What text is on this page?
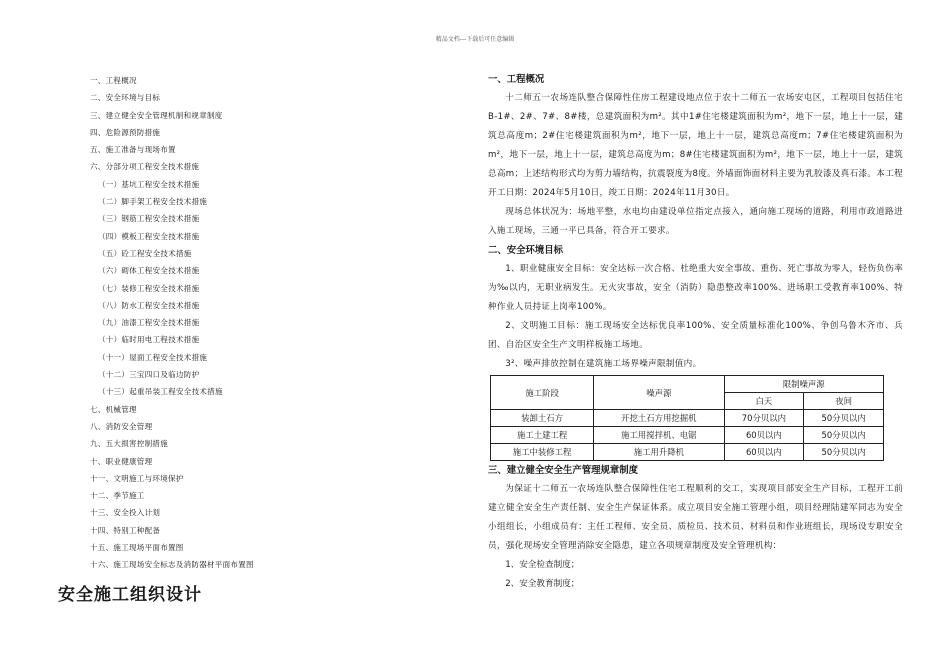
精品文档---下载后可任意编辑
一、工程概况
二、安全环境与目标
三、建立健全安全管理机制和规章制度
四、危险源预防措施
五、施工准备与现场布置
六、分部分项工程安全技术措施
（一）基坑工程安全技术措施
（二）脚手架工程安全技术措施
（三）钢筋工程安全技术措施
（四）模板工程安全技术措施
（五）砼工程安全技术措施
（六）砌体工程安全技术措施
（七）装修工程安全技术措施
（八）防水工程安全技术措施
（九）油漆工程安全技术措施
（十）临时用电工程技术措施
（十一）屋面工程安全技术措施
（十二）三宝四口及临边防护
（十三）起重吊装工程安全技术措施
七、机械管理
八、消防安全管理
九、五大损害控制措施
十、职业健康管理
十一、文明施工与环境保护
十二、季节施工
十三、安全投入计划
十四、特别工种配备
十五、施工现场平面布置图
十六、施工现场安全标志及消防器材平面布置图
安全施工组织设计

一、工程概况

十二师五一农场连队整合保障性住房工程建设地点位于农十二师五一农场安屯区，工程项目包括住宅B-1#、2#、7#、8#楼，总建筑面积为m²。其中1#住宅楼建筑面积为m²，地下一层，地上十一层，建筑总高度m；2#住宅楼建筑面积为m²，地下一层，地上十一层，建筑总高度m；7#住宅楼建筑面积为m²，地下一层，地上十一层，建筑总高度为m；8#住宅楼建筑面积为m²，地下一层，地上十一层，建筑总高m；上述结构形式均为剪力墙结构，抗震裂度为8度。外墙面饰面材料主要为乳胶漆及真石漆。本工程开工日期：2024年5月10日，竣工日期：2024年11月30日。

现场总体状况为：场地平整，水电均由建设单位指定点接入，通向施工现场的道路，利用市政道路进入施工现场，三通一平已具备，符合开工要求。

二、安全环境目标

1、职业健康安全目标：安全达标一次合格、杜绝重大安全事故、重伤、死亡事故为零人，轻伤负伤率为‰以内，无职业病发生。无火灾事故，安全（消防）隐患整改率100%、进场职工受教育率100%、特种作业人员持证上岗率100%。

2、文明施工目标：施工现场安全达标优良率100%、安全质量标准化100%、争创乌鲁木齐市、兵团、自治区安全生产文明样板施工场地。

3²、噪声排放控制在建筑施工场界噪声限制值内。

施工阶段	噪声源	限制噪声源	
		白天	夜间
装卸土石方	开挖土石方用挖掘机	70分贝以内	50分贝以内
施工土建工程	施工用搅拌机、电锯	60贝以内	50分贝以内
施工中装修工程	施工用升降机	60贝以内	50分贝以内

三、建立健全安全生产管理规章制度

为保证十二师五一农场连队整合保障性住宅工程顺利的交工，实现项目部安全生产目标，工程开工前建立健全安全生产责任制、安全生产保证体系。成立项目安全施工管理小组，项目经理陆建军同志为安全小组组长，小组成员有：主任工程师、安全员、质检员、技术员、材料员和作业班组长，现场设专职安全员，强化现场安全管理消除安全隐患，建立各项规章制度及安全管理机构：

1、安全检查制度；

2、安全教育制度；
